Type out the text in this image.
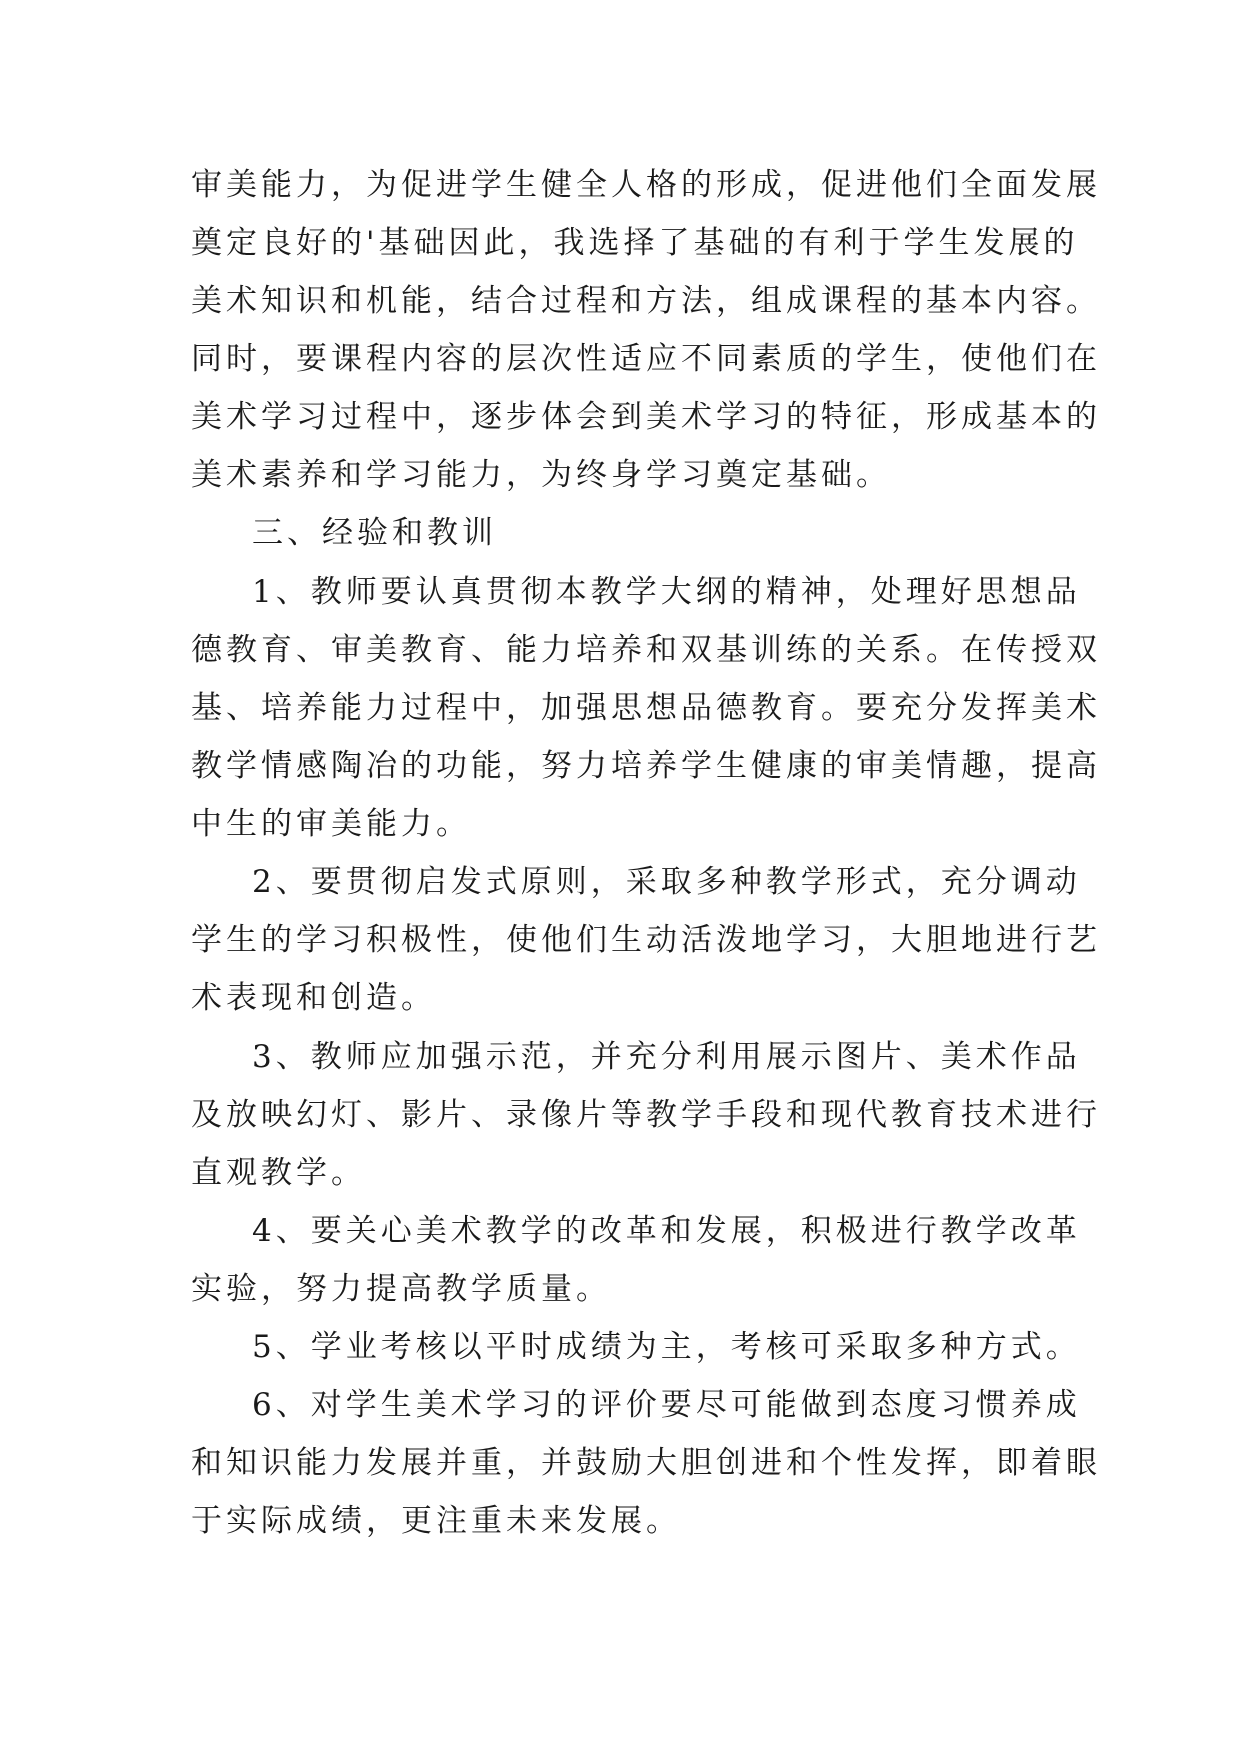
审美能力，为促进学生健全人格的形成，促进他们全面发展
奠定良好的'基础因此，我选择了基础的有利于学生发展的
美术知识和机能，结合过程和方法，组成课程的基本内容。
同时，要课程内容的层次性适应不同素质的学生，使他们在
美术学习过程中，逐步体会到美术学习的特征，形成基本的
美术素养和学习能力，为终身学习奠定基础。
三、经验和教训
1、教师要认真贯彻本教学大纲的精神，处理好思想品
德教育、审美教育、能力培养和双基训练的关系。在传授双
基、培养能力过程中，加强思想品德教育。要充分发挥美术
教学情感陶冶的功能，努力培养学生健康的审美情趣，提高
中生的审美能力。
2、要贯彻启发式原则，采取多种教学形式，充分调动
学生的学习积极性，使他们生动活泼地学习，大胆地进行艺
术表现和创造。
3、教师应加强示范，并充分利用展示图片、美术作品
及放映幻灯、影片、录像片等教学手段和现代教育技术进行
直观教学。
4、要关心美术教学的改革和发展，积极进行教学改革
实验，努力提高教学质量。
5、学业考核以平时成绩为主，考核可采取多种方式。
6、对学生美术学习的评价要尽可能做到态度习惯养成
和知识能力发展并重，并鼓励大胆创进和个性发挥，即着眼
于实际成绩，更注重未来发展。
